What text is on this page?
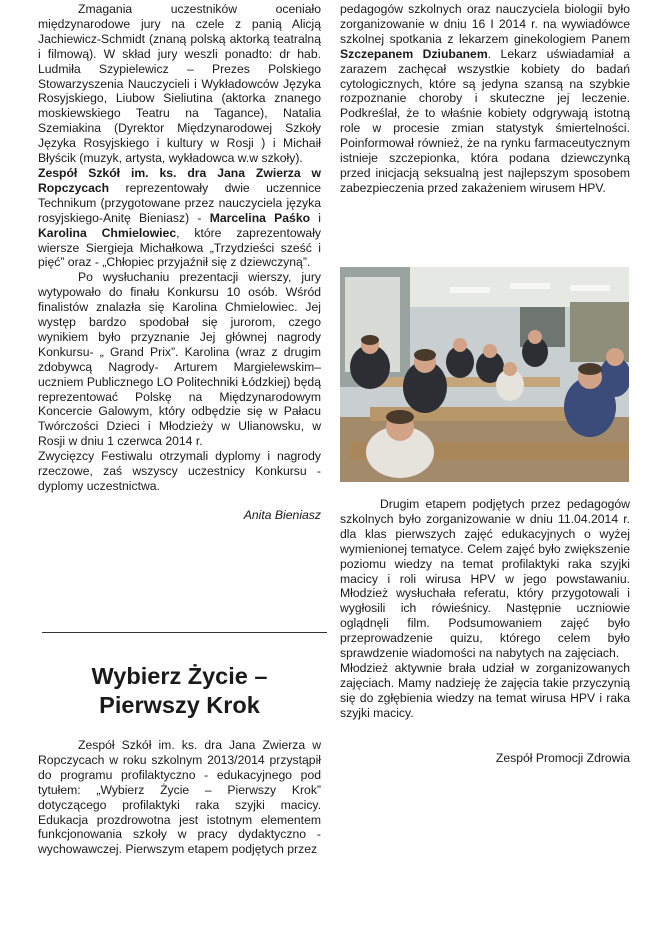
Zmagania uczestników oceniało międzynarodowe jury na czele z panią Alicją Jachiewicz-Schmidt (znaną polską aktorką teatralną i filmową). W skład jury weszli ponadto: dr hab. Ludmiła Szypielewicz – Prezes Polskiego Stowarzyszenia Nauczycieli i Wykładowców Języka Rosyjskiego, Liubow Sieliutina (aktorka znanego moskiewskiego Teatru na Tagance), Natalia Szemiakina (Dyrektor Międzynarodowej Szkoły Języka Rosyjskiego i kultury w Rosji ) i Michaił Błyścik (muzyk, artysta, wykładowca w.w szkoły).

Zespół Szkół im. ks. dra Jana Zwierza w Ropczycach reprezentowały dwie uczennice Technikum (przygotowane przez nauczyciela języka rosyjskiego-Anitę Bieniasz) - Marcelina Paśko i Karolina Chmielowiec, które zaprezentowały wiersze Siergieja Michałkowa „Trzydzieści sześć i pięć” oraz - „Chłopiec przyjaźnił się z dziewczyną”.

Po wysłuchaniu prezentacji wierszy, jury wytypowało do finału Konkursu 10 osób. Wśród finalistów znalazła się Karolina Chmielowiec. Jej występ bardzo spodobał się jurorom, czego wynikiem było przyznanie Jej głównej nagrody Konkursu- „ Grand Prix”. Karolina (wraz z drugim zdobywcą Nagrody- Arturem Margielewskim– uczniem Publicznego LO Politechniki Łódzkiej) będą reprezentować Polskę na Międzynarodowym Koncercie Galowym, który odbędzie się w Pałacu Twórczości Dzieci i Młodzieży w Ulianowsku, w Rosji w dniu 1 czerwca 2014 r.

Zwycięzcy Festiwalu otrzymali dyplomy i nagrody rzeczowe, zaś wszyscy uczestnicy Konkursu - dyplomy uczestnictwa.

Anita Bieniasz

Wybierz Życie –
Pierwszy Krok

Zespół Szkół im. ks. dra Jana Zwierza w Ropczycach w roku szkolnym 2013/2014 przystąpił do programu profilaktyczno - edukacyjnego pod tytułem: „Wybierz Życie – Pierwszy Krok” dotyczącego profilaktyki raka szyjki macicy. Edukacja prozdrowotna jest istotnym elementem funkcjonowania szkoły w pracy dydaktyczno - wychowawczej. Pierwszym etapem podjętych przez

pedagogów szkolnych oraz nauczyciela biologii było zorganizowanie w dniu 16 I 2014 r. na wywiadówce szkolnej spotkania z lekarzem ginekologiem Panem Szczepanem Dziubanem. Lekarz uświadamiał a zarazem zachęcał wszystkie kobiety do badań cytologicznych, które są jedyna szansą na szybkie rozpoznanie choroby i skuteczne jej leczenie. Podkreślał, że to właśnie kobiety odgrywają istotną role w procesie zmian statystyk śmiertelności. Poinformował również, że na rynku farmaceutycznym istnieje szczepionka, która podana dziewczynką przed inicjacją seksualną jest najlepszym sposobem zabezpieczenia przed zakażeniem wirusem HPV.

Drugim etapem podjętych przez pedagogów szkolnych było zorganizowanie w dniu 11.04.2014 r. dla klas pierwszych zajęć edukacyjnych o wyżej wymienionej tematyce. Celem zajęć było zwiększenie poziomu wiedzy na temat profilaktyki raka szyjki macicy i roli wirusa HPV w jego powstawaniu. Młodzież wysłuchała referatu, który przygotowali i wygłosili ich rówieśnicy. Następnie uczniowie oglądnęli film. Podsumowaniem zajęć było przeprowadzenie quizu, którego celem było sprawdzenie wiadomości na nabytych na zajęciach.

Młodzież aktywnie brała udział w zorganizowanych zajęciach. Mamy nadzieję że zajęcia takie przyczynią się do zgłębienia wiedzy na temat wirusa HPV i raka szyjki macicy.

Zespół Promocji Zdrowia
